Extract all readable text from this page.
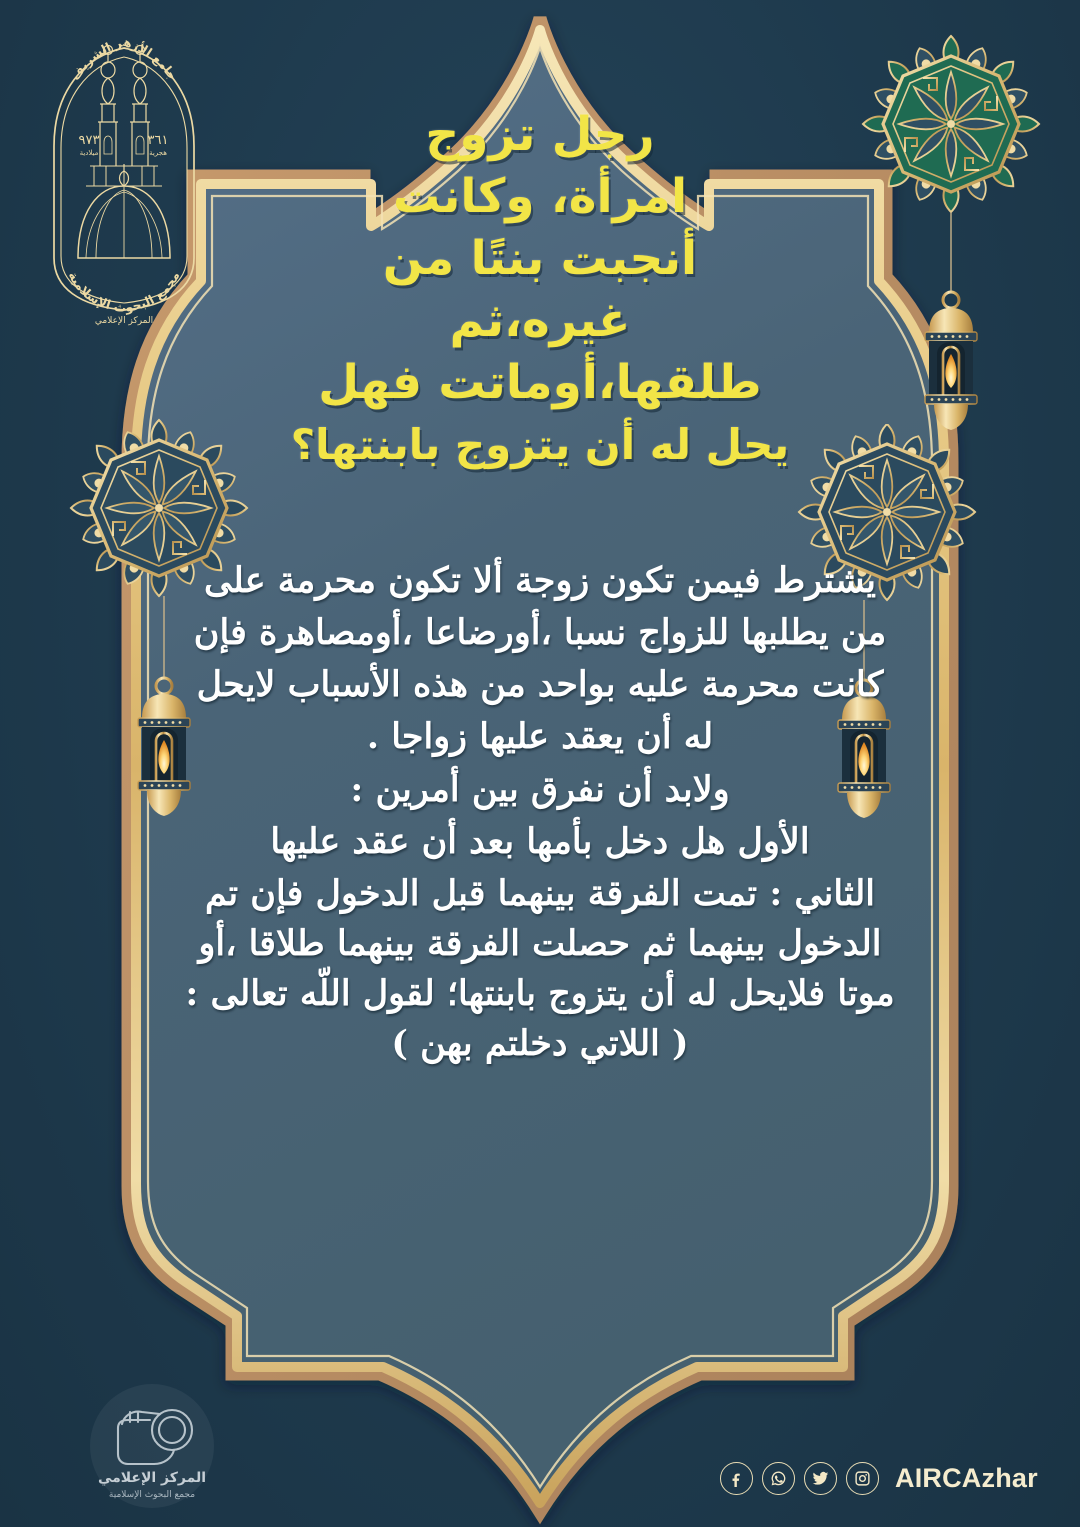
جامع الأزهر الشريف
٣٦١
هجرية
٩٧٣
ميلادية
مجمع البحوث الإسلامية
المركز الإعلامي
رجل تزوج
امرأة، وكانت
أنجبت بنتًا من
غيره،ثم
طلقها،أوماتت فهل
يحل له أن يتزوج بابنتها؟

يشترط فيمن تكون زوجة ألا تكون محرمة على من يطلبها للزواج نسبا ،أورضاعا ،أومصاهرة فإن كانت محرمة عليه بواحد من هذه الأسباب لايحل له أن يعقد عليها زواجا .

ولابد أن نفرق بين أمرين :

الأول هل دخل بأمها بعد أن عقد عليها

الثاني : تمت الفرقة بينهما قبل الدخول فإن تم الدخول بينهما ثم حصلت الفرقة بينهما طلاقا ،أو موتا فلايحل له أن يتزوج بابنتها؛ لقول اللّه تعالى : ( اللاتي دخلتم بهن )

المركز الإعلامي
مجمع البحوث الإسلامية
AIRCAzhar
